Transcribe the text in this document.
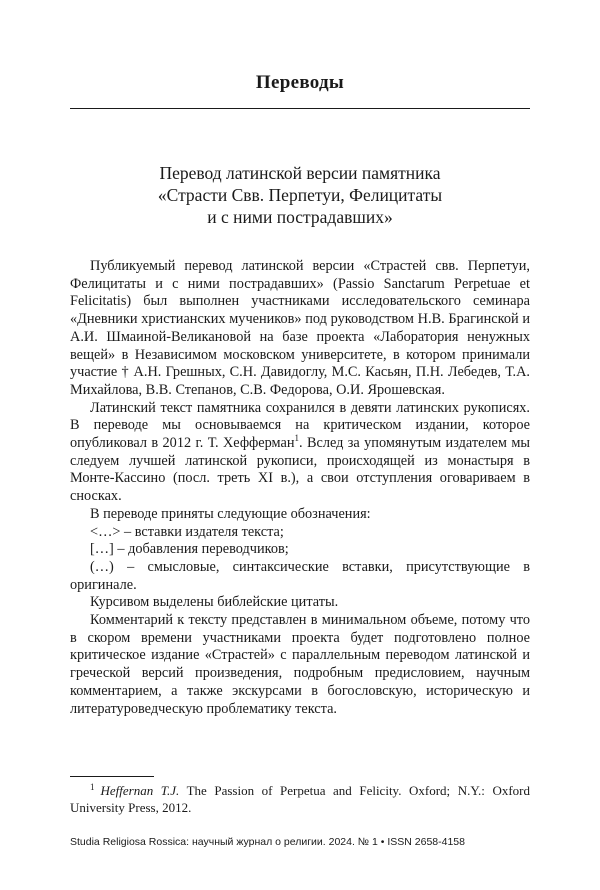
Переводы
Перевод латинской версии памятника
«Страсти Свв. Перпетуи, Фелицитаты
и с ними пострадавших»

Публикуемый перевод латинской версии «Страстей свв. Перпетуи, Фелицитаты и с ними пострадавших» (Passio Sanctarum Perpetuae et Felicitatis) был выполнен участниками исследовательского семинара «Дневники христианских мучеников» под руководством Н.В. Брагинской и А.И. Шмаиной-Великановой на базе проекта «Лаборатория ненужных вещей» в Независимом московском университете, в котором принимали участие † А.Н. Грешных, С.Н. Давидоглу, М.С. Касьян, П.Н. Лебедев, Т.А. Михайлова, В.В. Степанов, С.В. Федорова, О.И. Ярошевская.

Латинский текст памятника сохранился в девяти латинских рукописях. В переводе мы основываемся на критическом издании, которое опубликовал в 2012 г. Т. Хефферман$^1$. Вслед за упомянутым издателем мы следуем лучшей латинской рукописи, происходящей из монастыря в Монте-Кассино (посл. треть XI в.), а свои отступления оговариваем в сносках.

В переводе приняты следующие обозначения:

<…> – вставки издателя текста;

[…] – добавления переводчиков;

(…) – смысловые, синтаксические вставки, присутствующие в оригинале.

Курсивом выделены библейские цитаты.

Комментарий к тексту представлен в минимальном объеме, потому что в скором времени участниками проекта будет подготовлено полное критическое издание «Страстей» с параллельным переводом латинской и греческой версий произведения, подробным предисловием, научным комментарием, а также экскурсами в богословскую, историческую и литературоведческую проблематику текста.

$^1$ Heffernan T.J. The Passion of Perpetua and Felicity. Oxford; N.Y.: Oxford University Press, 2012.
Studia Religiosa Rossica: научный журнал о религии. 2024. № 1 • ISSN 2658-4158
